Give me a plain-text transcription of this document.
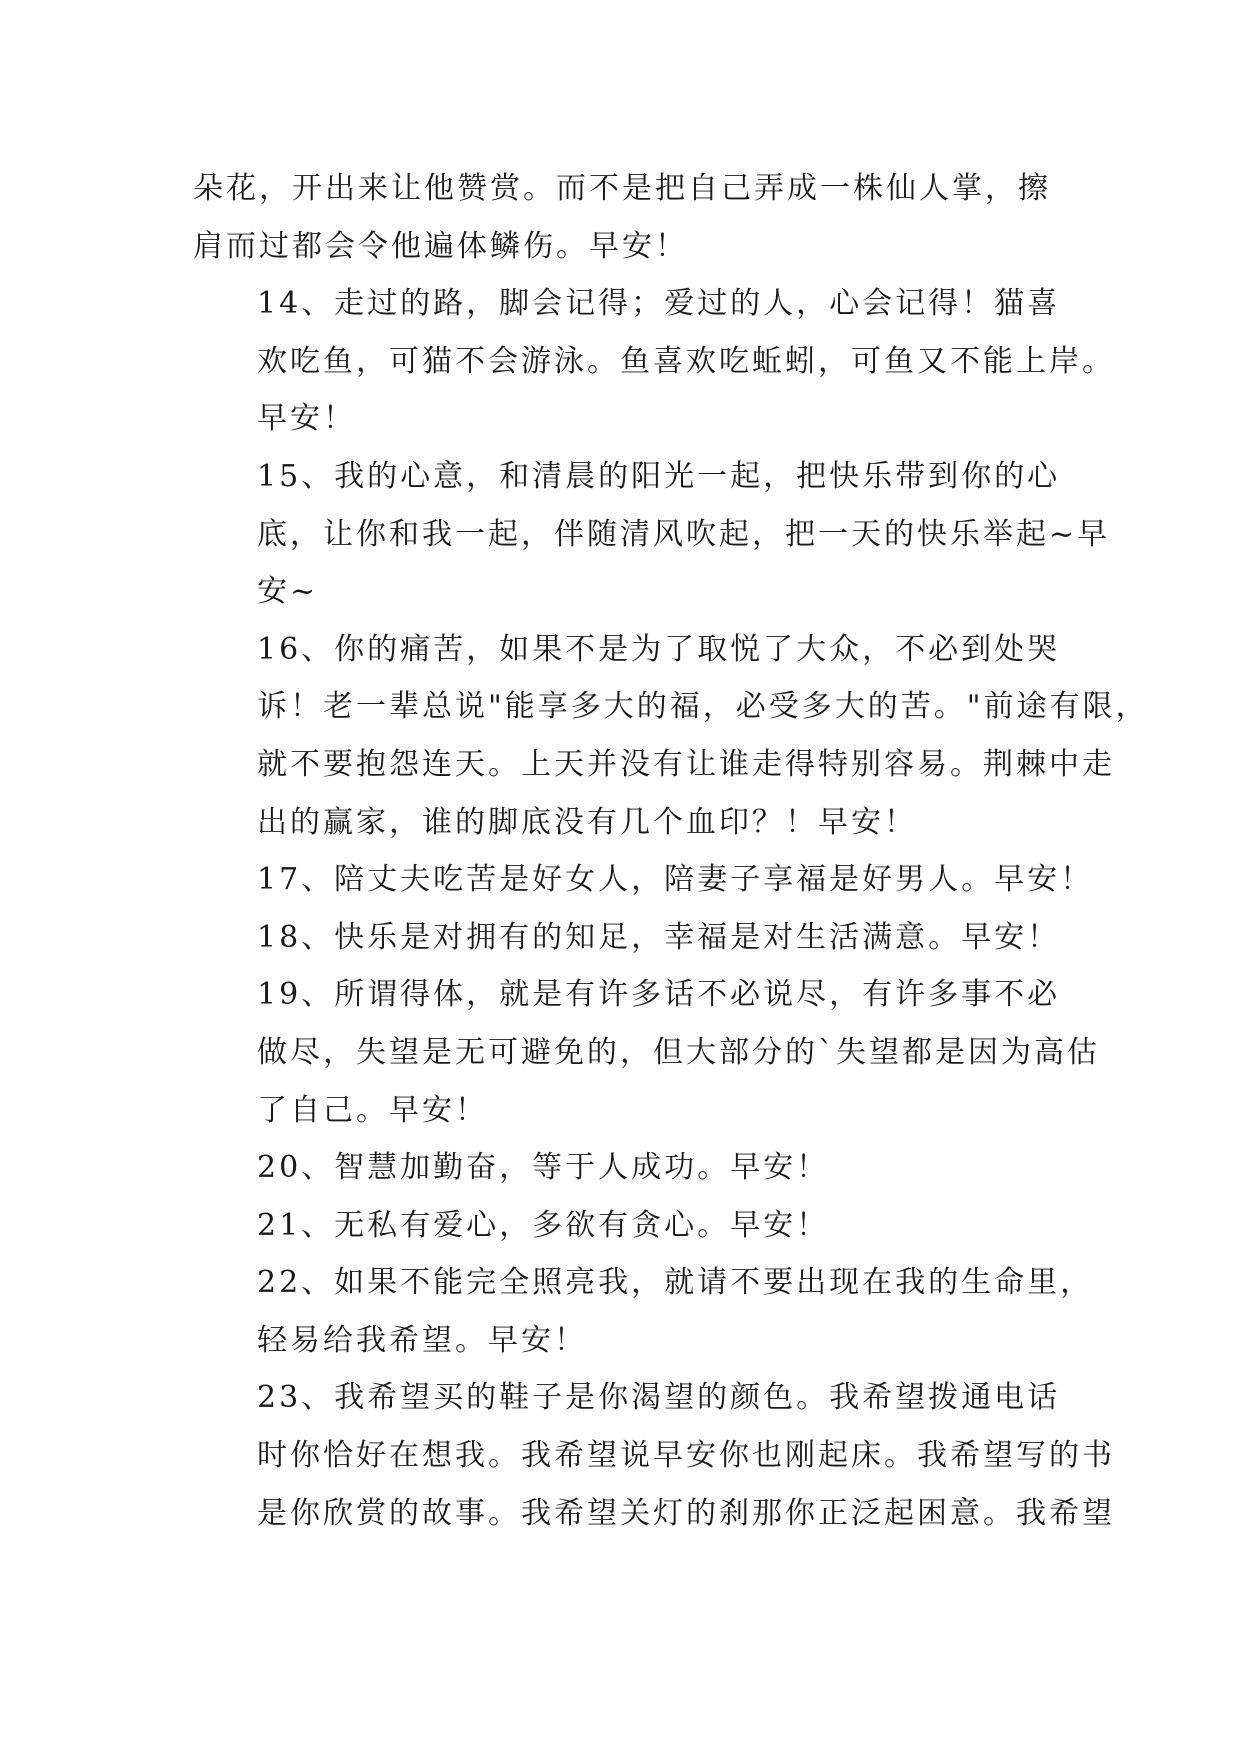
朵花，开出来让他赞赏。而不是把自己弄成一株仙人掌，擦
肩而过都会令他遍体鳞伤。早安！

14、走过的路，脚会记得；爱过的人，心会记得！猫喜
欢吃鱼，可猫不会游泳。鱼喜欢吃蚯蚓，可鱼又不能上岸。
早安！

15、我的心意，和清晨的阳光一起，把快乐带到你的心
底，让你和我一起，伴随清风吹起，把一天的快乐举起~早
安~

16、你的痛苦，如果不是为了取悦了大众，不必到处哭
诉！老一辈总说"能享多大的福，必受多大的苦。"前途有限，
就不要抱怨连天。上天并没有让谁走得特别容易。荆棘中走
出的赢家，谁的脚底没有几个血印？！早安！

17、陪丈夫吃苦是好女人，陪妻子享福是好男人。早安！

18、快乐是对拥有的知足，幸福是对生活满意。早安！

19、所谓得体，就是有许多话不必说尽，有许多事不必
做尽，失望是无可避免的，但大部分的`失望都是因为高估
了自己。早安！

20、智慧加勤奋，等于人成功。早安！

21、无私有爱心，多欲有贪心。早安！

22、如果不能完全照亮我，就请不要出现在我的生命里，
轻易给我希望。早安！

23、我希望买的鞋子是你渴望的颜色。我希望拨通电话
时你恰好在想我。我希望说早安你也刚起床。我希望写的书
是你欣赏的故事。我希望关灯的刹那你正泛起困意。我希望
